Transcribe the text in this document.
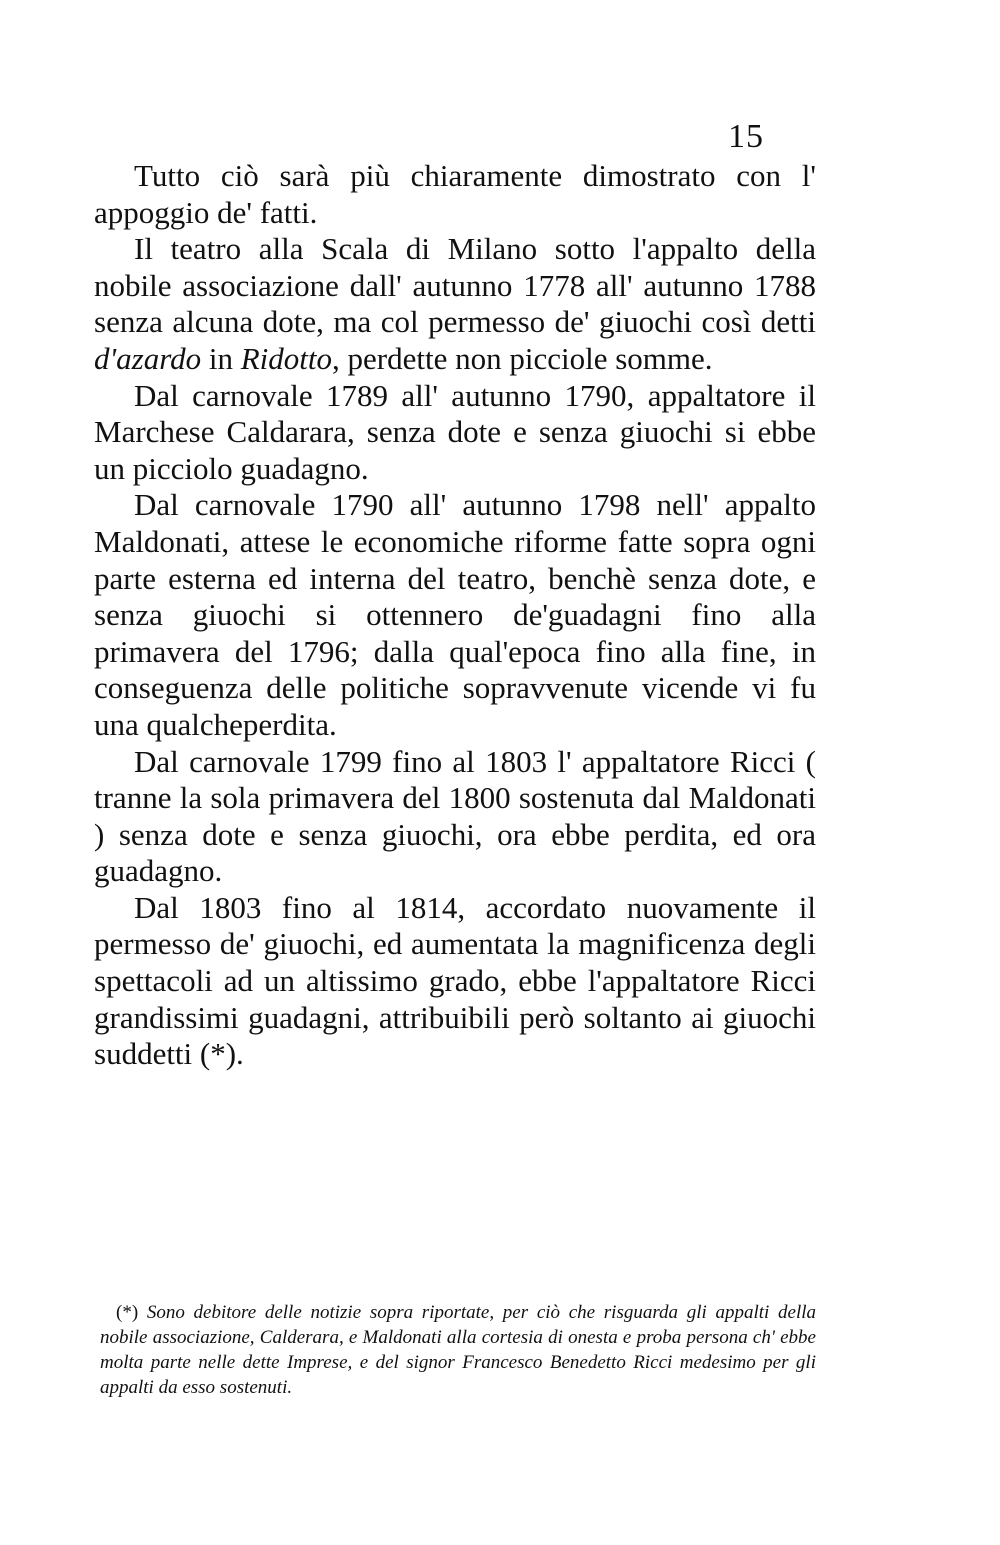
15

Tutto ciò sarà più chiaramente dimostrato con l' appoggio de' fatti.

Il teatro alla Scala di Milano sotto l'appalto della nobile associazione dall' autunno 1778 all' autunno 1788 senza alcuna dote, ma col permesso de' giuochi così detti d'azardo in Ridotto, perdette non picciole somme.

Dal carnovale 1789 all' autunno 1790, appaltatore il Marchese Caldarara, senza dote e senza giuochi si ebbe un picciolo guadagno.

Dal carnovale 1790 all' autunno 1798 nell' appalto Maldonati, attese le economiche riforme fatte sopra ogni parte esterna ed interna del teatro, benchè senza dote, e senza giuochi si ottennero de'guadagni fino alla primavera del 1796; dalla qual'epoca fino alla fine, in conseguenza delle politiche sopravvenute vicende vi fu una qualcheperdita.

Dal carnovale 1799 fino al 1803 l' appaltatore Ricci ( tranne la sola primavera del 1800 sostenuta dal Maldonati ) senza dote e senza giuochi, ora ebbe perdita, ed ora guadagno.

Dal 1803 fino al 1814, accordato nuovamente il permesso de' giuochi, ed aumentata la magnificenza degli spettacoli ad un altissimo grado, ebbe l'appaltatore Ricci grandissimi guadagni, attribuibili però soltanto ai giuochi suddetti (*).

(*) Sono debitore delle notizie sopra riportate, per ciò che risguarda gli appalti della nobile associazione, Calderara, e Maldonati alla cortesia di onesta e proba persona ch' ebbe molta parte nelle dette Imprese, e del signor Francesco Benedetto Ricci medesimo per gli appalti da esso sostenuti.
